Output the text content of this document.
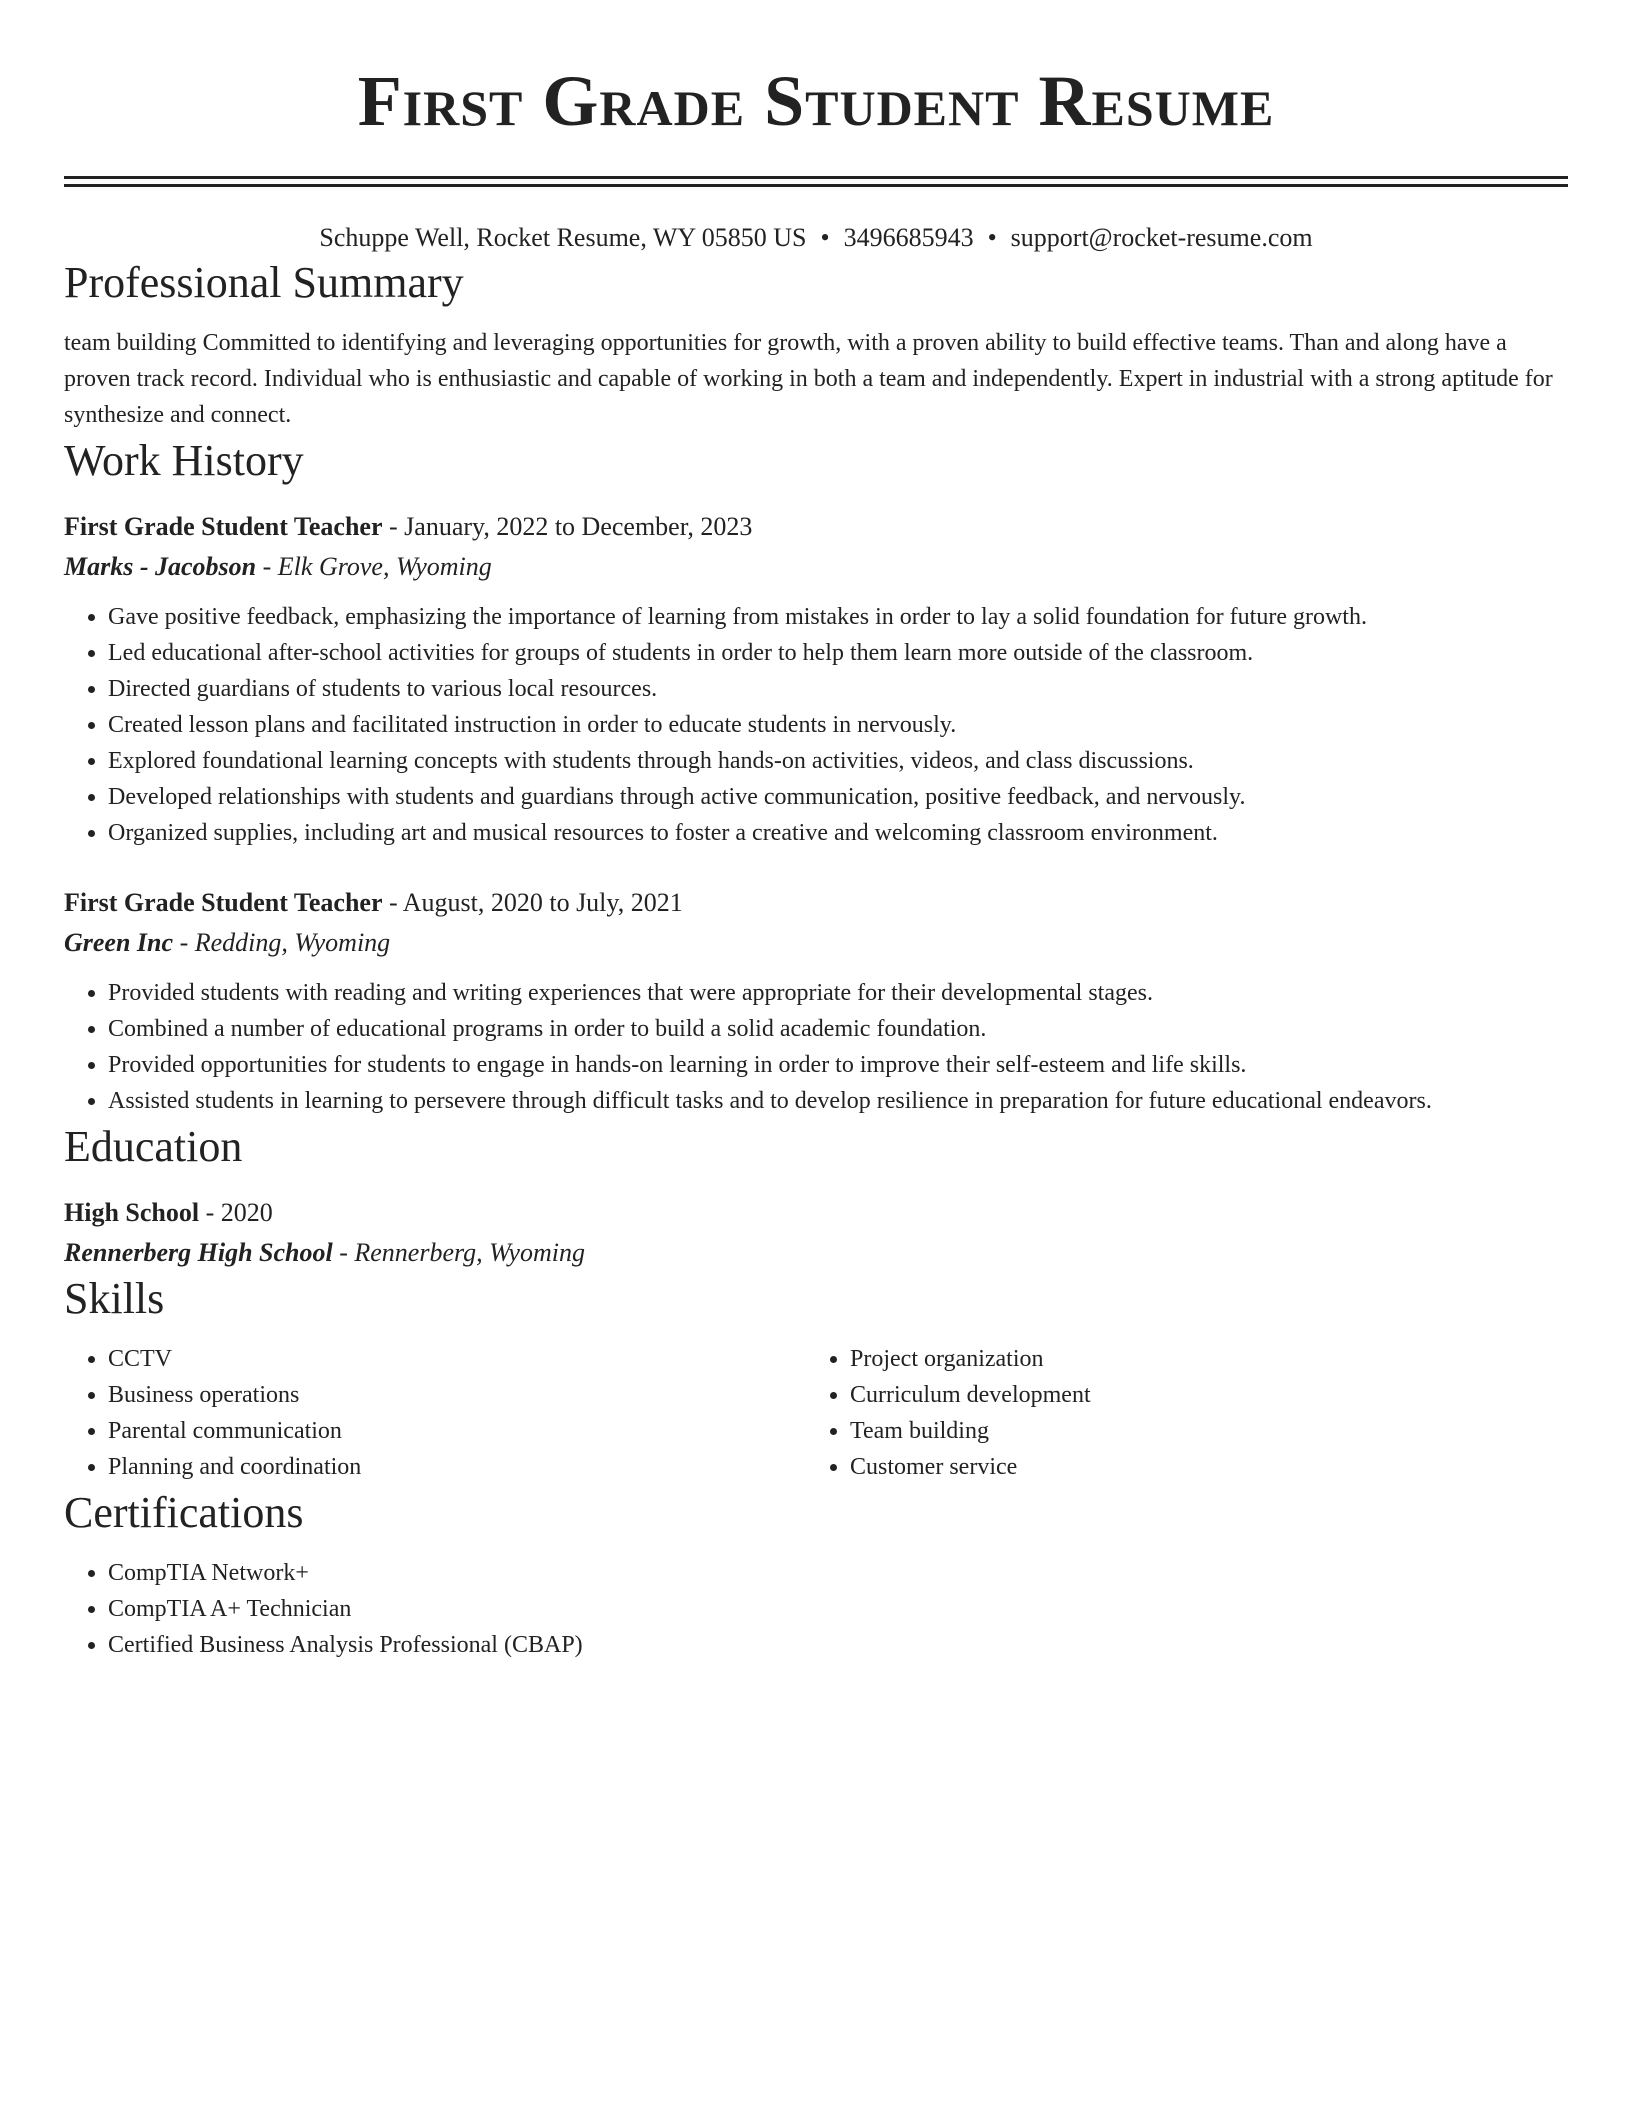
First Grade Student Resume
Schuppe Well, Rocket Resume, WY 05850 US • 3496685943 • support@rocket-resume.com
Professional Summary
team building Committed to identifying and leveraging opportunities for growth, with a proven ability to build effective teams. Than and along have a proven track record. Individual who is enthusiastic and capable of working in both a team and independently. Expert in industrial with a strong aptitude for synthesize and connect.
Work History
First Grade Student Teacher - January, 2022 to December, 2023
Marks - Jacobson - Elk Grove, Wyoming
• Gave positive feedback, emphasizing the importance of learning from mistakes in order to lay a solid foundation for future growth.
• Led educational after-school activities for groups of students in order to help them learn more outside of the classroom.
• Directed guardians of students to various local resources.
• Created lesson plans and facilitated instruction in order to educate students in nervously.
• Explored foundational learning concepts with students through hands-on activities, videos, and class discussions.
• Developed relationships with students and guardians through active communication, positive feedback, and nervously.
• Organized supplies, including art and musical resources to foster a creative and welcoming classroom environment.
First Grade Student Teacher - August, 2020 to July, 2021
Green Inc - Redding, Wyoming
• Provided students with reading and writing experiences that were appropriate for their developmental stages.
• Combined a number of educational programs in order to build a solid academic foundation.
• Provided opportunities for students to engage in hands-on learning in order to improve their self-esteem and life skills.
• Assisted students in learning to persevere through difficult tasks and to develop resilience in preparation for future educational endeavors.
Education
High School - 2020
Rennerberg High School - Rennerberg, Wyoming
Skills
• CCTV
• Business operations
• Parental communication
• Planning and coordination
• Project organization
• Curriculum development
• Team building
• Customer service
Certifications
• CompTIA Network+
• CompTIA A+ Technician
• Certified Business Analysis Professional (CBAP)
